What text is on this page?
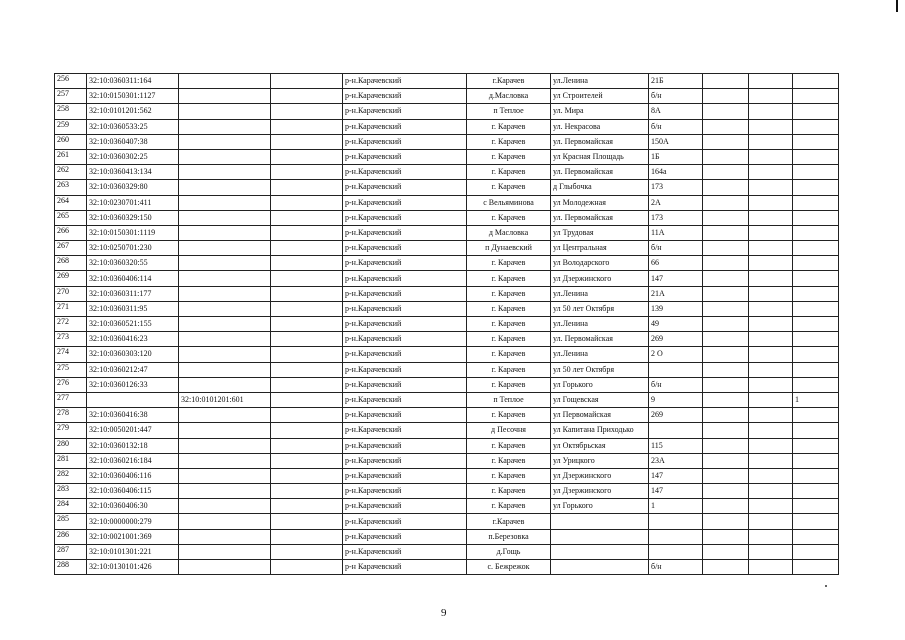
256	32:10:0360311:164			р-н.Карачевский	г.Карачев	ул.Ленина	21Б			
257	32:10:0150301:1127			р-н.Карачевский	д.Масловка	ул Строителей	б/н			
258	32:10:0101201:562			р-н.Карачевский	п Теплое	ул. Мира	8А			
259	32:10:0360533:25			р-н.Карачевский	г. Карачев	ул. Некрасова	б/н			
260	32:10:0360407:38			р-н.Карачевский	г. Карачев	ул. Первомайская	150А			
261	32:10:0360302:25			р-н.Карачевский	г. Карачев	ул Красная Площадь	1Б			
262	32:10:0360413:134			р-н.Карачевский	г. Карачев	ул. Первомайская	164а			
263	32:10:0360329:80			р-н.Карачевский	г. Карачев	д Глыбочка	173			
264	32:10:0230701:411			р-н.Карачевский	с Вельяминова	ул Молодежная	2А			
265	32:10:0360329:150			р-н.Карачевский	г. Карачев	ул. Первомайская	173			
266	32:10:0150301:1119			р-н.Карачевский	д Масловка	ул Трудовая	11А			
267	32:10:0250701:230			р-н.Карачевский	п Дунаевский	ул Центральная	б/н			
268	32:10:0360320:55			р-н.Карачевский	г. Карачев	ул Володарского	66			
269	32:10:0360406:114			р-н.Карачевский	г. Карачев	ул Дзержинского	147			
270	32:10:0360311:177			р-н.Карачевский	г. Карачев	ул.Ленина	21А			
271	32:10:0360311:95			р-н.Карачевский	г. Карачев	ул 50 лет Октября	139			
272	32:10:0360521:155			р-н.Карачевский	г. Карачев	ул.Ленина	49			
273	32:10:0360416:23			р-н.Карачевский	г. Карачев	ул. Первомайская	269			
274	32:10:0360303:120			р-н.Карачевский	г. Карачев	ул.Ленина	2 О			
275	32:10:0360212:47			р-н.Карачевский	г. Карачев	ул 50 лет Октября				
276	32:10:0360126:33			р-н.Карачевский	г. Карачев	ул Горького	б/н			
277		32:10:0101201:601		р-н.Карачевский	п Теплое	ул Гощевская	9			1
278	32:10:0360416:38			р-н.Карачевский	г. Карачев	ул Первомайская	269			
279	32:10:0050201:447			р-н.Карачевский	д Песочня	ул Капитана Приходько				
280	32:10:0360132:18			р-н.Карачевский	г. Карачев	ул Октябрьская	115			
281	32:10:0360216:184			р-н.Карачевский	г. Карачев	ул Урицкого	23А			
282	32:10:0360406:116			р-н.Карачевский	г. Карачев	ул Дзержинского	147			
283	32:10:0360406:115			р-н.Карачевский	г. Карачев	ул Дзержинского	147			
284	32:10:0360406:30			р-н.Карачевский	г. Карачев	ул Горького	1			
285	32:10:0000000:279			р-н.Карачевский	г.Карачев					
286	32:10:0021001:369			р-н.Карачевский	п.Березовка					
287	32:10:0101301:221			р-н.Карачевский	д.Гощь					
288	32:10:0130101:426			р-н Карачевский	с. Бежрежок		б/н			
9
